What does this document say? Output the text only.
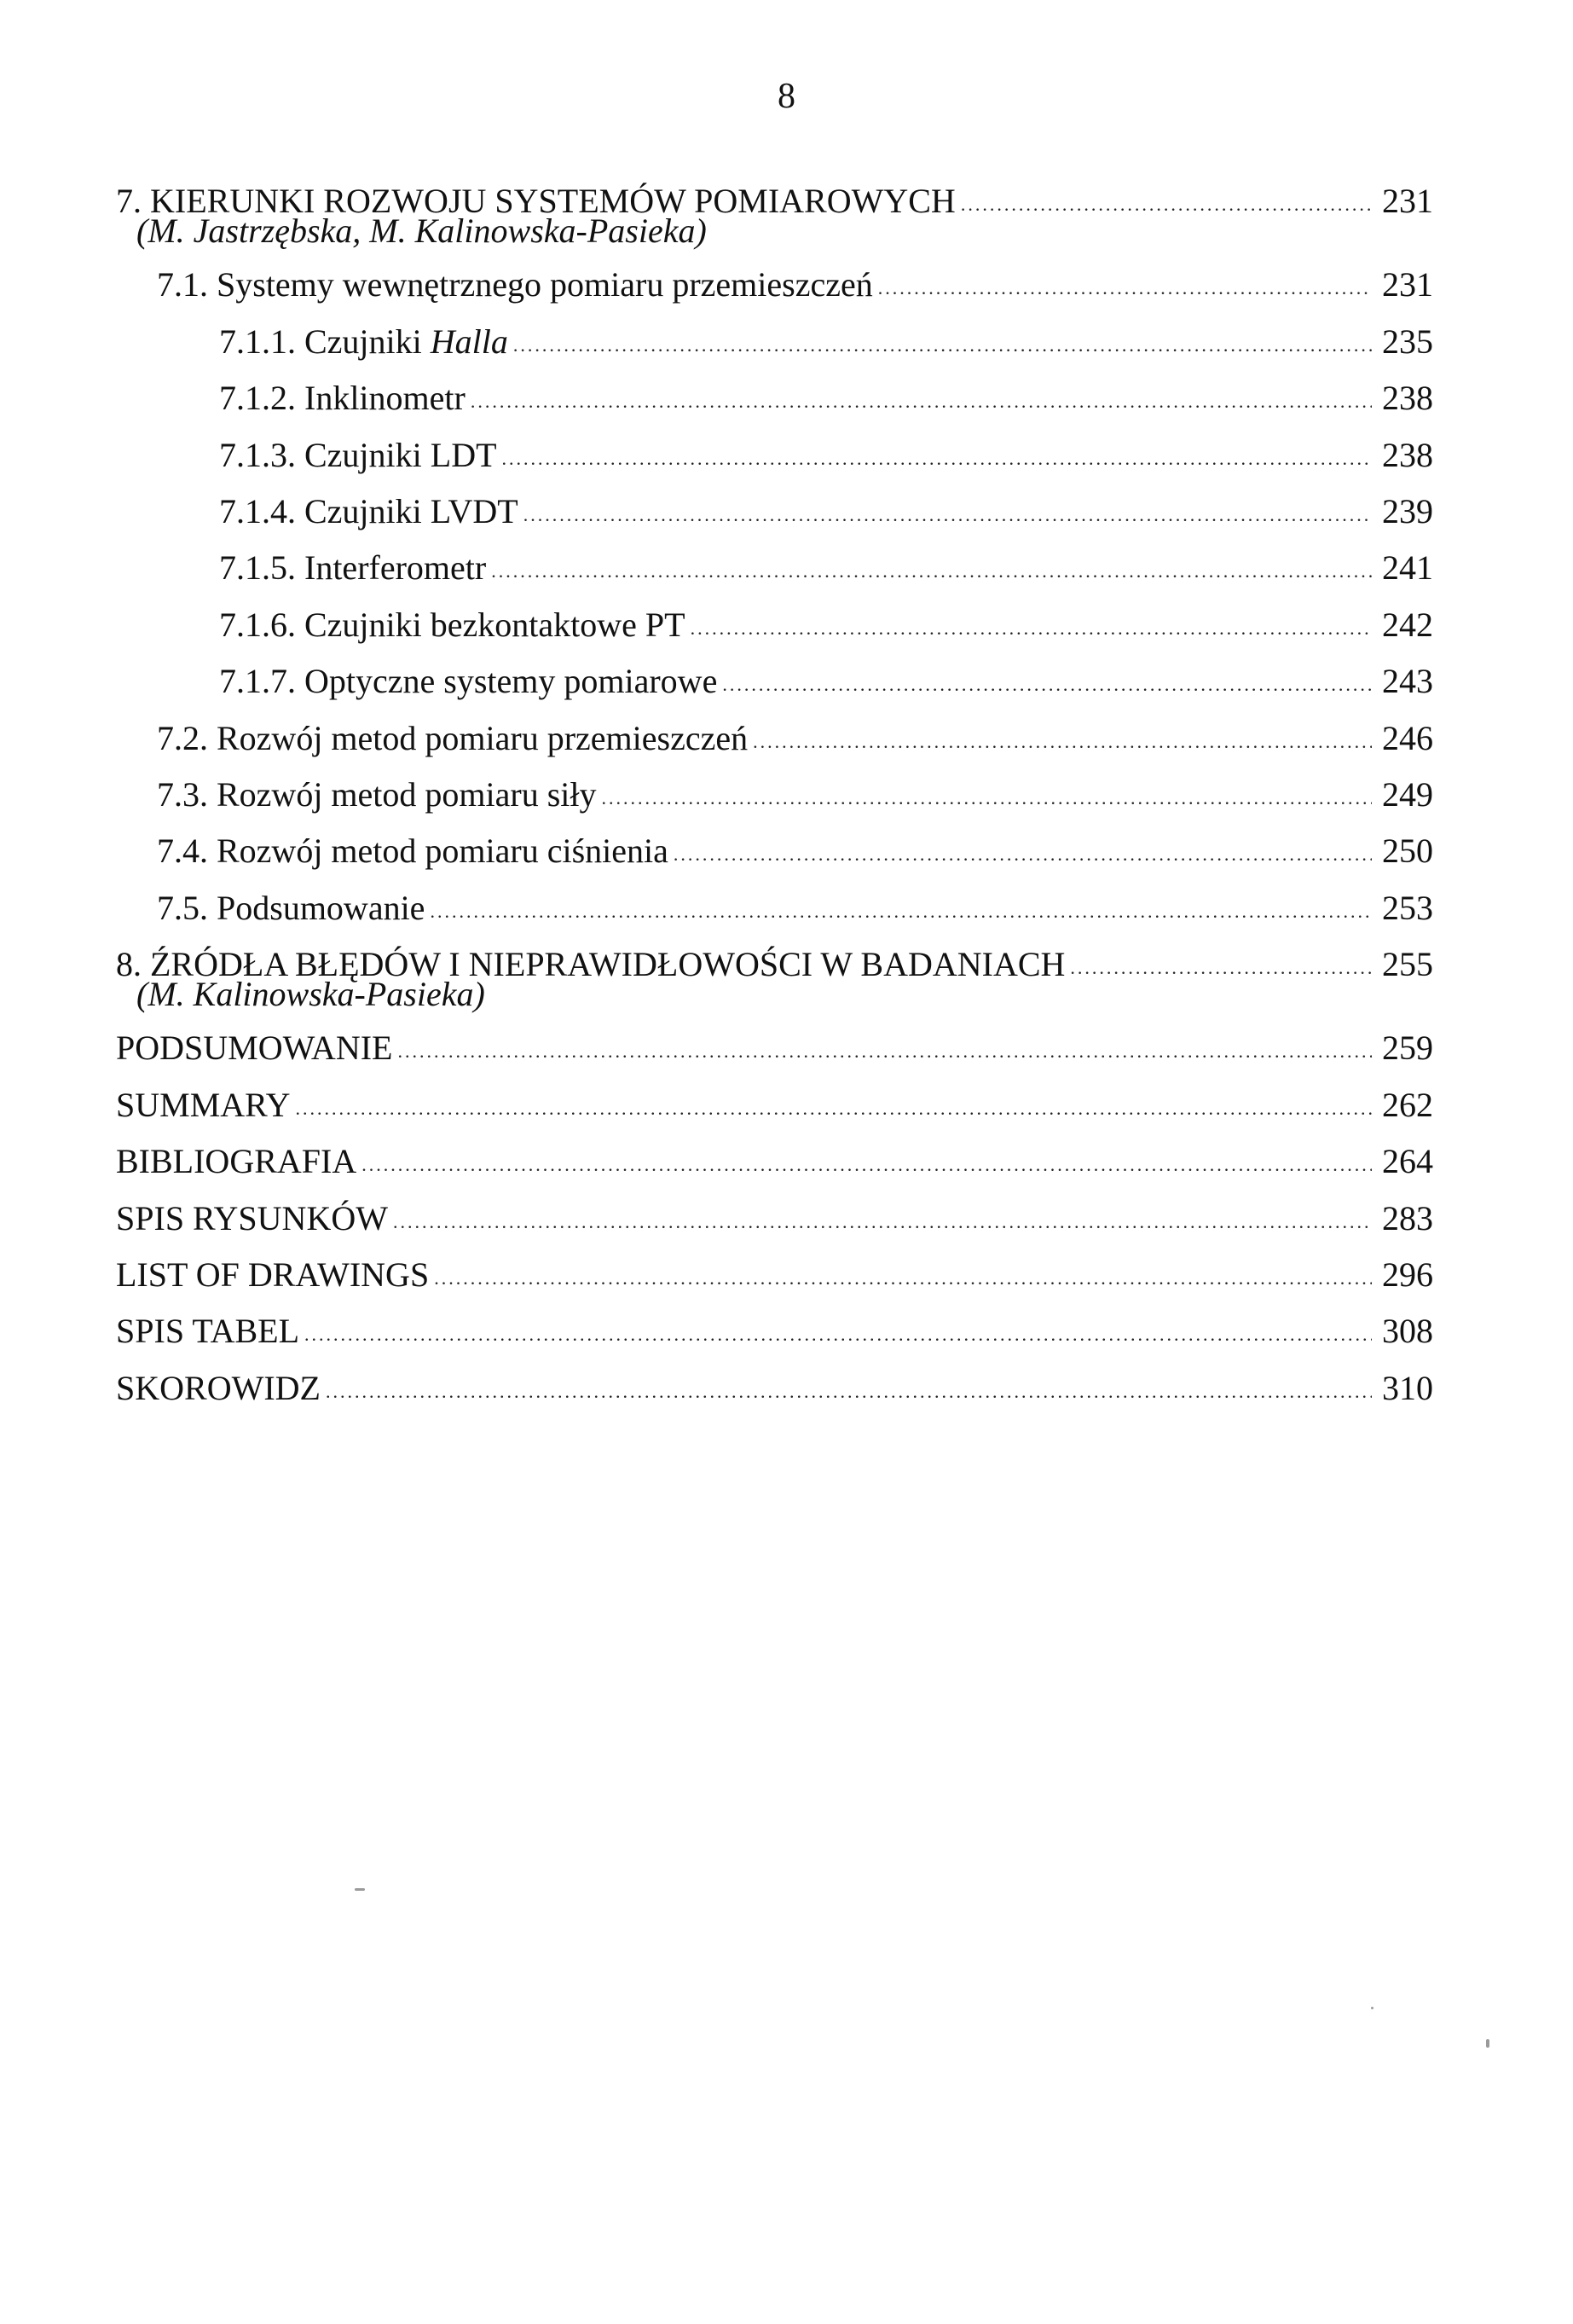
8
7. KIERUNKI ROZWOJU SYSTEMÓW POMIAROWYCH .....	231
(M. Jastrzębska, M. Kalinowska-Pasieka)
7.1. Systemy wewnętrznego pomiaru przemieszczeń .....	231
7.1.1. Czujniki Halla .....	235
7.1.2. Inklinometr .....	238
7.1.3. Czujniki LDT .....	238
7.1.4. Czujniki LVDT .....	239
7.1.5. Interferometr .....	241
7.1.6. Czujniki bezkontaktowe PT .....	242
7.1.7. Optyczne systemy pomiarowe .....	243
7.2. Rozwój metod pomiaru przemieszczeń .....	246
7.3. Rozwój metod pomiaru siły .....	249
7.4. Rozwój metod pomiaru ciśnienia .....	250
7.5. Podsumowanie .....	253
8. ŹRÓDŁA BŁĘDÓW I NIEPRAWIDŁOWOŚCI W BADANIACH .....	255
(M. Kalinowska-Pasieka)
PODSUMOWANIE .....	259
SUMMARY .....	262
BIBLIOGRAFIA .....	264
SPIS RYSUNKÓW .....	283
LIST OF DRAWINGS .....	296
SPIS TABEL .....	308
SKOROWIDZ .....	310
